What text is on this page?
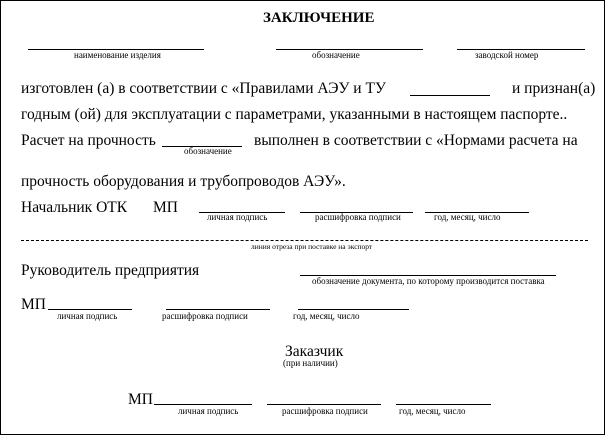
ЗАКЛЮЧЕНИЕ
наименование изделия	обозначение	заводской номер
изготовлен (а) в соответствии с «Правилами АЭУ и ТУ	и признан(а)
годным (ой) для эксплуатации с параметрами, указанными в настоящем паспорте..
Расчет на прочность
обозначение
выполнен в соответствии с «Нормами расчета на
прочность оборудования и трубопроводов АЭУ».
Начальник ОТК МП
личная подпись	расшифровка подписи	год, месяц, число
линия отреза при поставке на экспорт
Руководитель предприятия
обозначение документа, по которому производится поставка
МП
личная подпись	расшифровка подписи	год, месяц, число
Заказчик
(при наличии)
МП
личная подпись	расшифровка подписи	год, месяц, число
